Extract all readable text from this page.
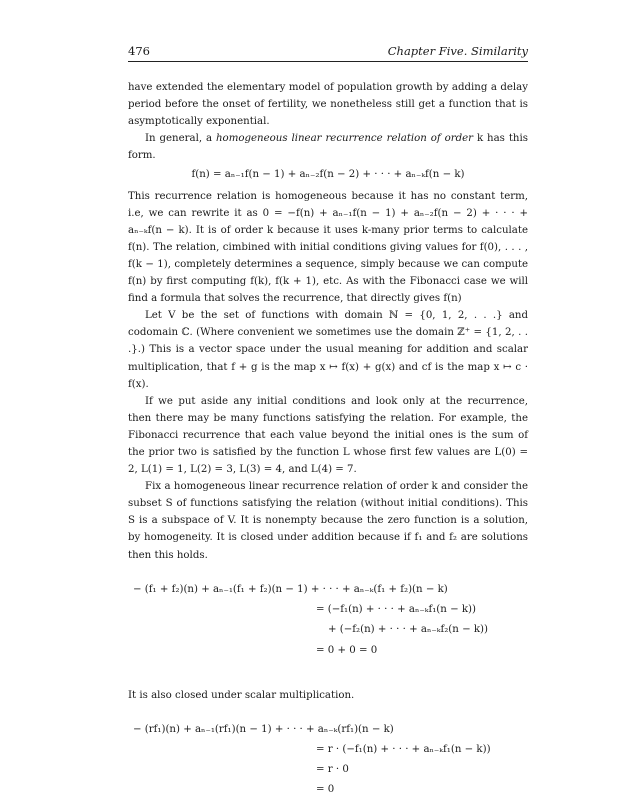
476	Chapter Five. Similarity

have extended the elementary model of population growth by adding a delay period before the onset of fertility, we nonetheless still get a function that is asymptotically exponential.

In general, a homogeneous linear recurrence relation of order k has this form.

f(n) = aₙ₋₁f(n − 1) + aₙ₋₂f(n − 2) + · · · + aₙ₋ₖf(n − k)

This recurrence relation is homogeneous because it has no constant term, i.e, we can rewrite it as 0 = −f(n) + aₙ₋₁f(n − 1) + aₙ₋₂f(n − 2) + · · · + aₙ₋ₖf(n − k). It is of order k because it uses k-many prior terms to calculate f(n). The relation, cimbined with initial conditions giving values for f(0), . . . , f(k − 1), completely determines a sequence, simply because we can compute f(n) by first computing f(k), f(k + 1), etc. As with the Fibonacci case we will find a formula that solves the recurrence, that directly gives f(n)

Let V be the set of functions with domain ℕ = {0, 1, 2, . . .} and codomain ℂ. (Where convenient we sometimes use the domain ℤ⁺ = {1, 2, . . .}.) This is a vector space under the usual meaning for addition and scalar multiplication, that f + g is the map x ↦ f(x) + g(x) and cf is the map x ↦ c · f(x).

If we put aside any initial conditions and look only at the recurrence, then there may be many functions satisfying the relation. For example, the Fibonacci recurrence that each value beyond the initial ones is the sum of the prior two is satisfied by the function L whose first few values are L(0) = 2, L(1) = 1, L(2) = 3, L(3) = 4, and L(4) = 7.

Fix a homogeneous linear recurrence relation of order k and consider the subset S of functions satisfying the relation (without initial conditions). This S is a subspace of V. It is nonempty because the zero function is a solution, by homogeneity. It is closed under addition because if f₁ and f₂ are solutions then this holds.

− (f₁ + f₂)(n) + aₙ₋₁(f₁ + f₂)(n − 1) + · · · + aₙ₋ₖ(f₁ + f₂)(n − k)
= (−f₁(n) + · · · + aₙ₋ₖf₁(n − k))
+ (−f₂(n) + · · · + aₙ₋ₖf₂(n − k))
= 0 + 0 = 0

It is also closed under scalar multiplication.

− (rf₁)(n) + aₙ₋₁(rf₁)(n − 1) + · · · + aₙ₋ₖ(rf₁)(n − k)
= r · (−f₁(n) + · · · + aₙ₋ₖf₁(n − k))
= r · 0
= 0
